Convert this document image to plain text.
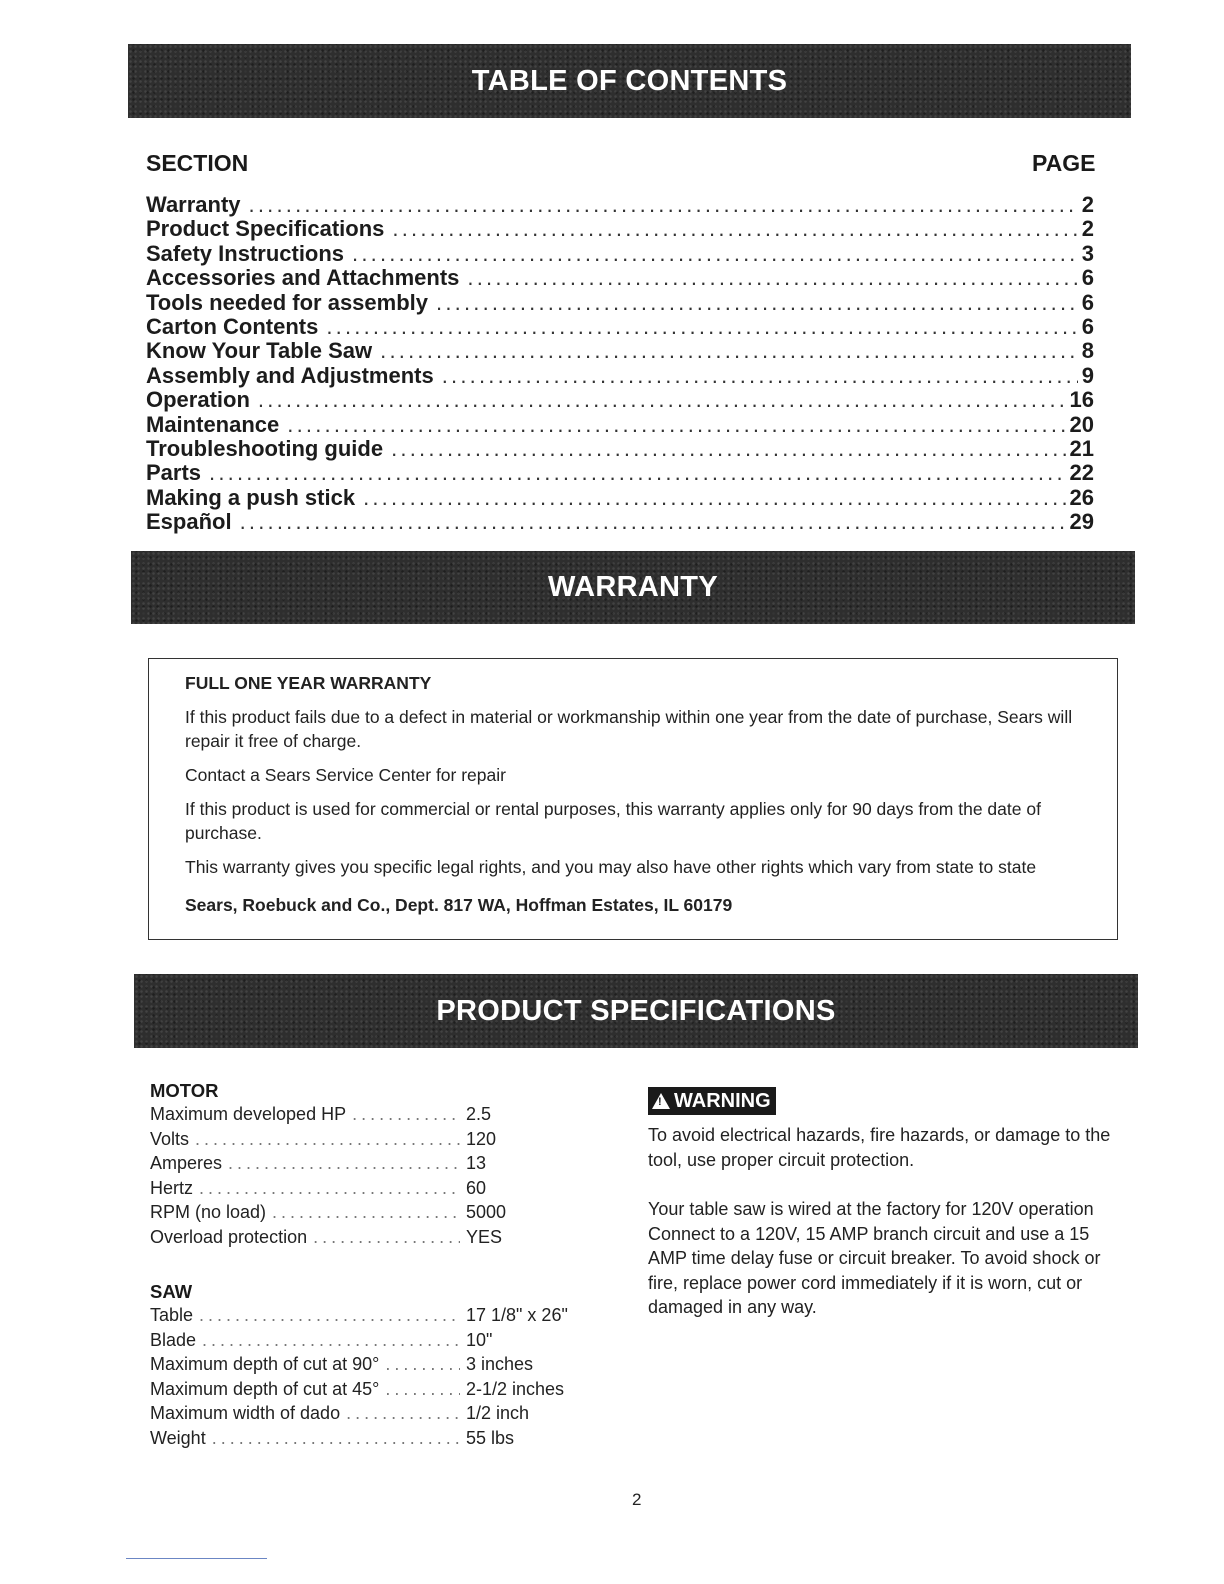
TABLE OF CONTENTS
SECTION	PAGE
Warranty .....	2
Product Specifications .....	2
Safety Instructions .....	3
Accessories and Attachments .....	6
Tools needed for assembly .....	6
Carton Contents .....	6
Know Your Table Saw .....	8
Assembly and Adjustments .....	9
Operation .....	16
Maintenance .....	20
Troubleshooting guide .....	21
Parts .....	22
Making a push stick .....	26
Español .....	29
WARRANTY
FULL ONE YEAR WARRANTY

If this product fails due to a defect in material or workmanship within one year from the date of purchase, Sears will repair it free of charge.

Contact a Sears Service Center for repair

If this product is used for commercial or rental purposes, this warranty applies only for 90 days from the date of purchase.

This warranty gives you specific legal rights, and you may also have other rights which vary from state to state

Sears, Roebuck and Co., Dept. 817 WA, Hoffman Estates, IL 60179
PRODUCT SPECIFICATIONS
MOTOR
Maximum developed HP .....	2.5
Volts .....	120
Amperes .....	13
Hertz .....	60
RPM (no load) .....	5000
Overload protection .....	YES
SAW
Table .....	17 1/8" x 26"
Blade .....	10"
Maximum depth of cut at 90° .....	3 inches
Maximum depth of cut at 45° .....	2-1/2 inches
Maximum width of dado .....	1/2 inch
Weight .....	55 lbs
!
WARNING

To avoid electrical hazards, fire hazards, or damage to the tool, use proper circuit protection.

Your table saw is wired at the factory for 120V operation Connect to a 120V, 15 AMP branch circuit and use a 15 AMP time delay fuse or circuit breaker. To avoid shock or fire, replace power cord immediately if it is worn, cut or damaged in any way.

2
